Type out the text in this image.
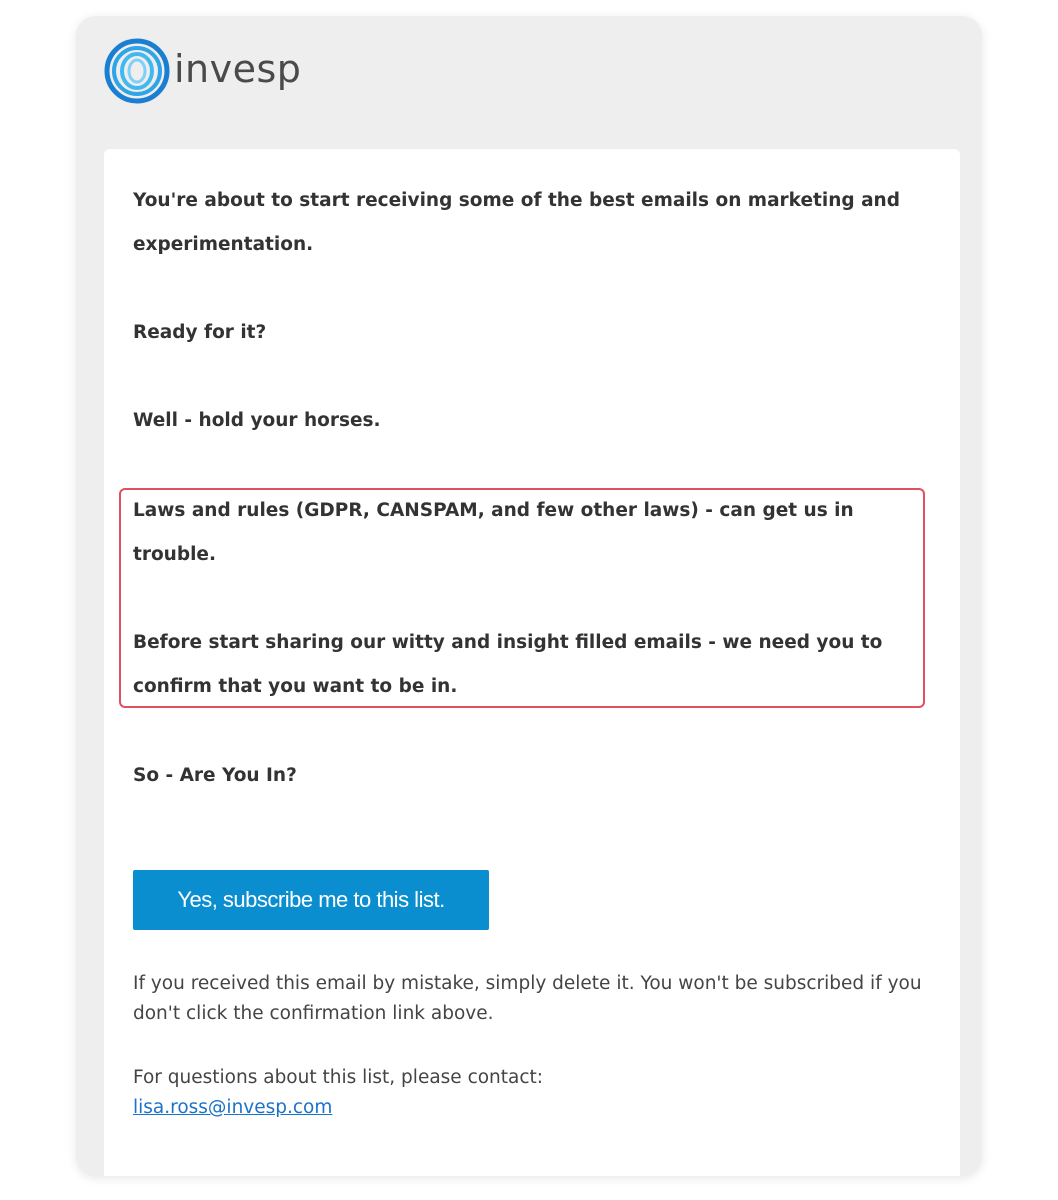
invesp

You're about to start receiving some of the best emails on marketing and experimentation.

Ready for it?

Well - hold your horses.

Laws and rules (GDPR, CANSPAM, and few other laws) - can get us in trouble.

Before start sharing our witty and insight filled emails - we need you to confirm that you want to be in.

So - Are You In?

Yes, subscribe me to this list.

If you received this email by mistake, simply delete it. You won't be subscribed if you don't click the confirmation link above.

For questions about this list, please contact:
lisa.ross@invesp.com
